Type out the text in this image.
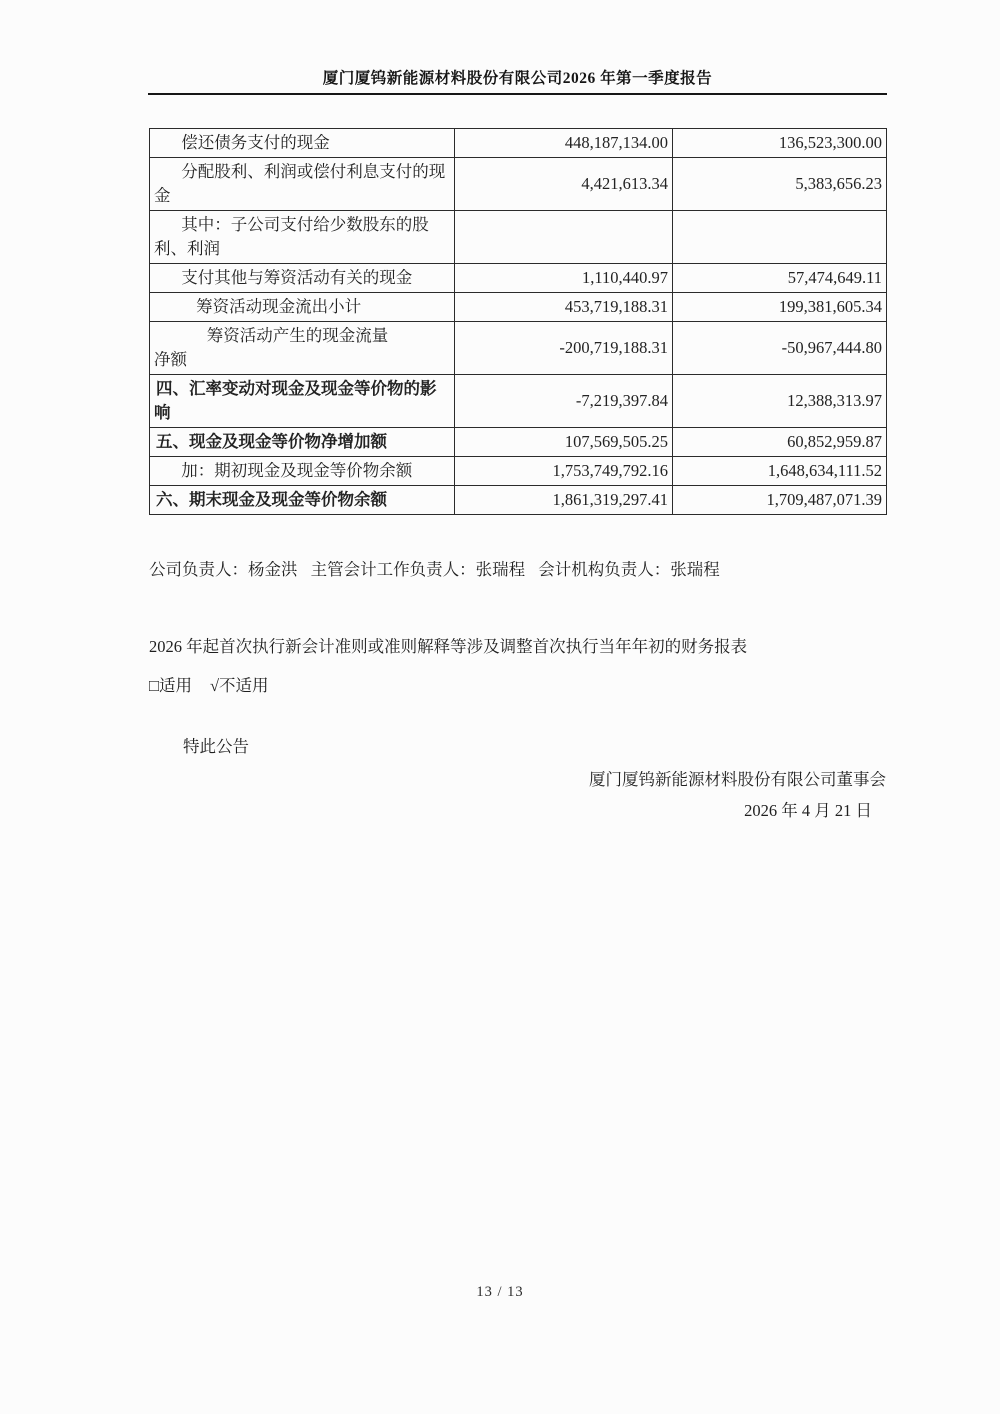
厦门厦钨新能源材料股份有限公司2026 年第一季度报告
偿还债务支付的现金	448,187,134.00	136,523,300.00
分配股利、利润或偿付利息支付的现金	4,421,613.34	5,383,656.23
其中：子公司支付给少数股东的股利、利润		
支付其他与筹资活动有关的现金	1,110,440.97	57,474,649.11
筹资活动现金流出小计	453,719,188.31	199,381,605.34
筹资活动产生的现金流量净额	-200,719,188.31	-50,967,444.80
四、汇率变动对现金及现金等价物的影响	-7,219,397.84	12,388,313.97
五、现金及现金等价物净增加额	107,569,505.25	60,852,959.87
加：期初现金及现金等价物余额	1,753,749,792.16	1,648,634,111.52
六、期末现金及现金等价物余额	1,861,319,297.41	1,709,487,071.39
公司负责人：杨金洪 主管会计工作负责人：张瑞程 会计机构负责人：张瑞程
2026 年起首次执行新会计准则或准则解释等涉及调整首次执行当年年初的财务报表
□适用 √不适用
特此公告
厦门厦钨新能源材料股份有限公司董事会
2026 年 4 月 21 日
13 / 13
